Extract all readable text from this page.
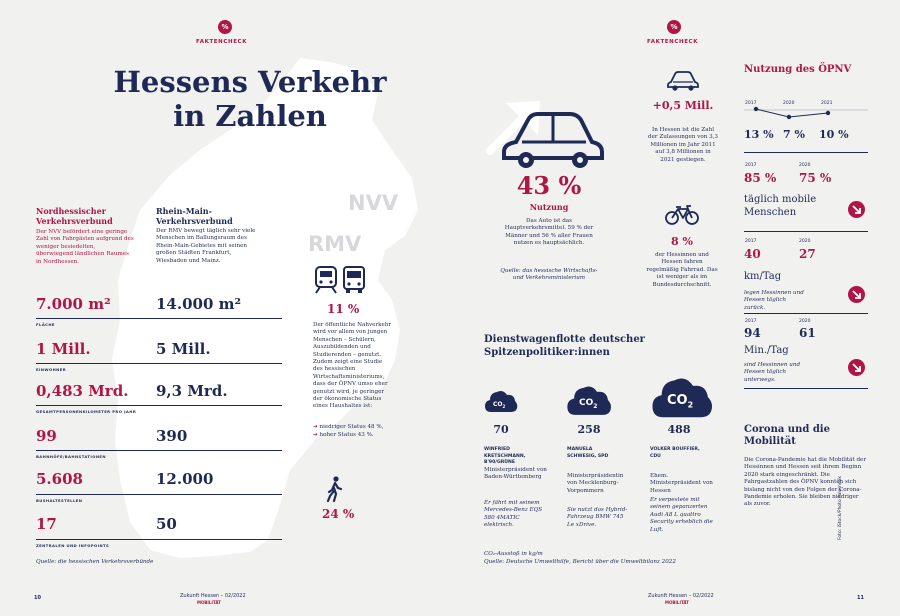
%
FAKTENCHECK
Hessens Verkehr
in Zahlen
NVV
RMV
Nordhessischer Verkehrsverbund
Der NVV befördert eine geringe Zahl von Fahrgästen aufgrund des weniger besiedelten, überwiegend ländlichen Raumes in Nordhessen.
Rhein-Main-Verkehrsverbund
Der RMV bewegt täglich sehr viele Menschen im Ballungsraum des Rhein-Main-Gebietes mit seinen großen Städten Frankfurt, Wiesbaden und Mainz.
7.000 m²	14.000 m²
FLÄCHE
1 Mill.	5 Mill.
EINWOHNER
0,483 Mrd. 9,3 Mrd.
GESAMTPERSONENKILOMETER PRO JAHR
99	390
BAHNHÖFE/BAHNSTATIONEN
5.608	12.000
BUSHALTESTELLEN
17	50
ZENTRALEN UND INFOPOINTS
Quelle: die hessischen Verkehrsverbünde
11 %
Der öffentliche Nahverkehr wird vor allem von jungen Menschen – Schülern, Auszubildenden und Studierenden – genutzt. Zudem zeigt eine Studie des hessischen Wirtschaftsministeriums, dass der ÖPNV umso eher genutzt wird, je geringer der ökonomische Status eines Haushaltes ist:
➔ niedriger Status 48 %,
➔ hoher Status 43 %.
24 %
10	Zukunft Hessen – 02/2022
MOBILITÄT
%
FAKTENCHECK
43 %
Nutzung
Das Auto ist das Hauptverkehrsmittel. 59 % der Männer und 56 % aller Frauen nutzen es hauptsächlich.
Quelle: das hessische Wirtschafts- und Verkehrsministerium
+0,5 Mill.
In Hessen ist die Zahl der Zulassungen von 3,3 Millionen im Jahr 2011 auf 3,8 Millionen in 2021 gestiegen.
8 %
der Hessinnen und Hessen fahren regelmäßig Fahrrad. Das ist weniger als im Bundesdurchschnitt.
Dienstwagenflotte deutscher
Spitzenpolitiker:innen
$CO_2$	$CO_2$	$CO_2$
70
WINFRIED KRETSCHMANN, B'90/GRÜNE
Ministerpräsident von Baden-Württemberg
Er fährt mit seinem Mercedes-Benz EQS 580 4MATIC elektrisch.
258
MANUELA SCHWESIG, SPD
Ministerpräsidentin von Mecklenburg-Vorpommern
Sie nutzt das Hybrid-Fahrzeug BMW 745 Le xDrive.
488
VOLKER BOUFFIER, CDU
Ehem. Ministerpräsident von Hessen
Er verpestete mit seinem gepanzerten Audi A8 L quattro Security erheblich die Luft.
CO₂-Ausstoß in kg/m
Quelle: Deutsche Umwelthilfe, Bericht über die Umweltbilanz 2022
Nutzung des ÖPNV
2017	2020	2021
13 % 7 % 10 %
2017	2020
85 % 75 %
täglich mobile Menschen
2017	2020
40	27
km/Tag
legen Hessinnen und Hessen täglich zurück.
2017	2020
94	61
Min./Tag
sind Hessinnen und Hessen täglich unterwegs.
Corona und die
Mobilität
Die Corona-Pandemie hat die Mobilität der Hessinnen und Hessen seit ihrem Beginn 2020 stark eingeschränkt. Die Fahrgastzahlen des ÖPNV konnten sich bislang nicht von den Folgen der Corona-Pandemie erholen. Sie bleiben niedriger als zuvor.	Foto: iStock/Photo Palommik
Zukunft Hessen – 02/2022
MOBILITÄT
11
